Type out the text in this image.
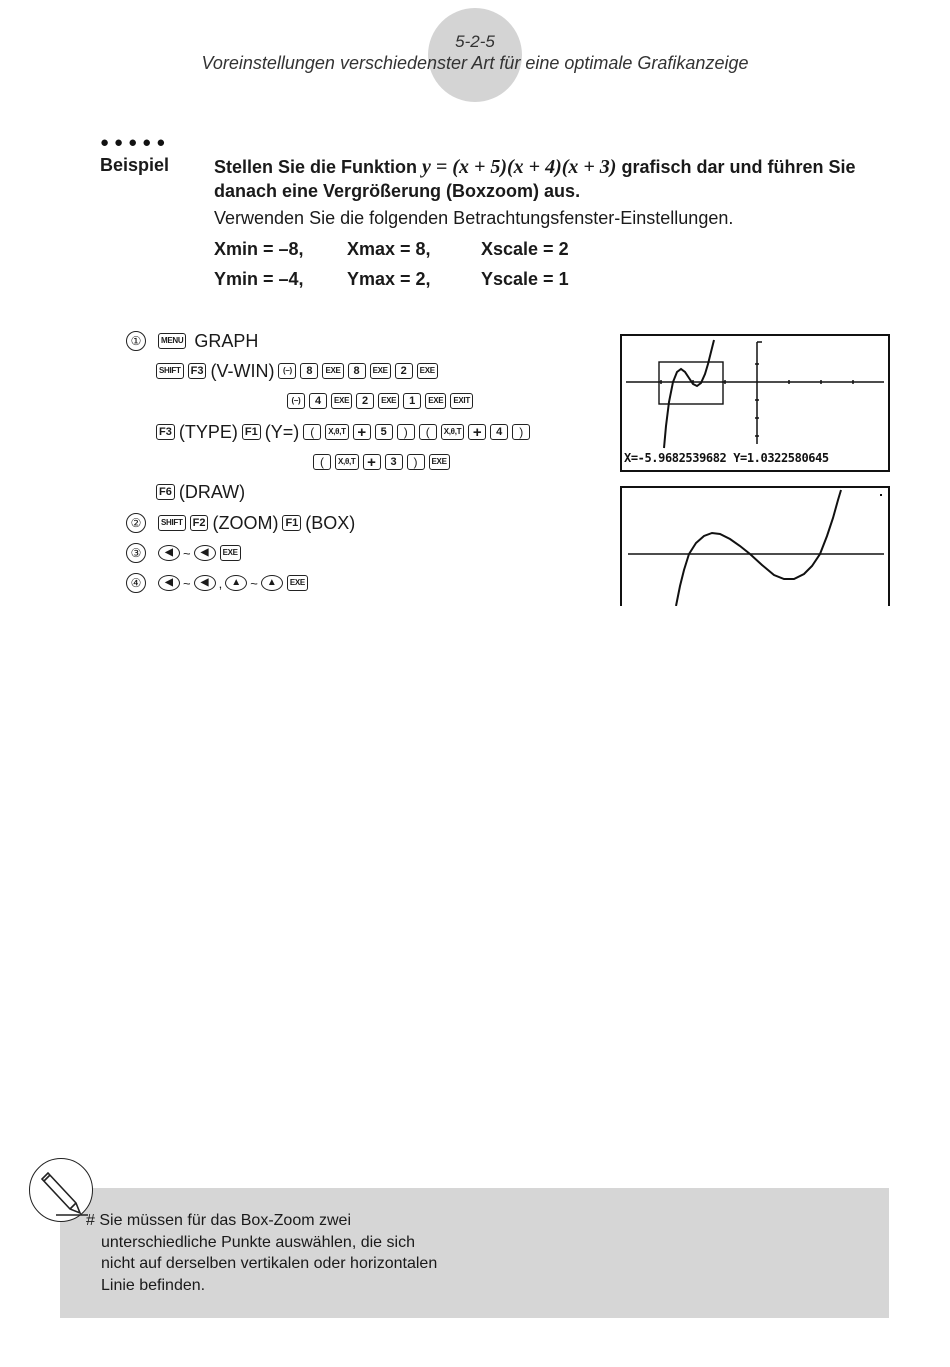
5-2-5
Voreinstellungen verschiedenster Art für eine optimale Grafikanzeige
●●●●●
Beispiel Stellen Sie die Funktion y = (x + 5)(x + 4)(x + 3) grafisch dar und führen Sie danach eine Vergrößerung (Boxzoom) aus.
Verwenden Sie die folgenden Betrachtungsfenster-Einstellungen.
Xmin = –8, Xmax = 8,	Xscale = 2
Ymin = –4, Ymax = 2,	Yscale = 1
①	MENU GRAPH
SHIFT F3 (V-WIN)	(–)	8	EXE	8	EXE	2	EXE
(–)	4	EXE	2	EXE	1	EXE	EXIT
F3 (TYPE) F1 (Y=) (	X,θ,T +	5	)	(	X,θ,T +	4	)
(	X,θ,T +	3	)	EXE
F6 (DRAW)
②	SHIFT F2 (ZOOM) F1 (BOX)
③	◀ ~	◀	EXE
④	◀ ~	◀ , ▲ ~ ▲	EXE
X=-5.9682539682 Y=1.0322580645
# Sie müssen für das Box-Zoom zwei
unterschiedliche Punkte auswählen, die sich
nicht auf derselben vertikalen oder horizontalen
Linie befinden.
